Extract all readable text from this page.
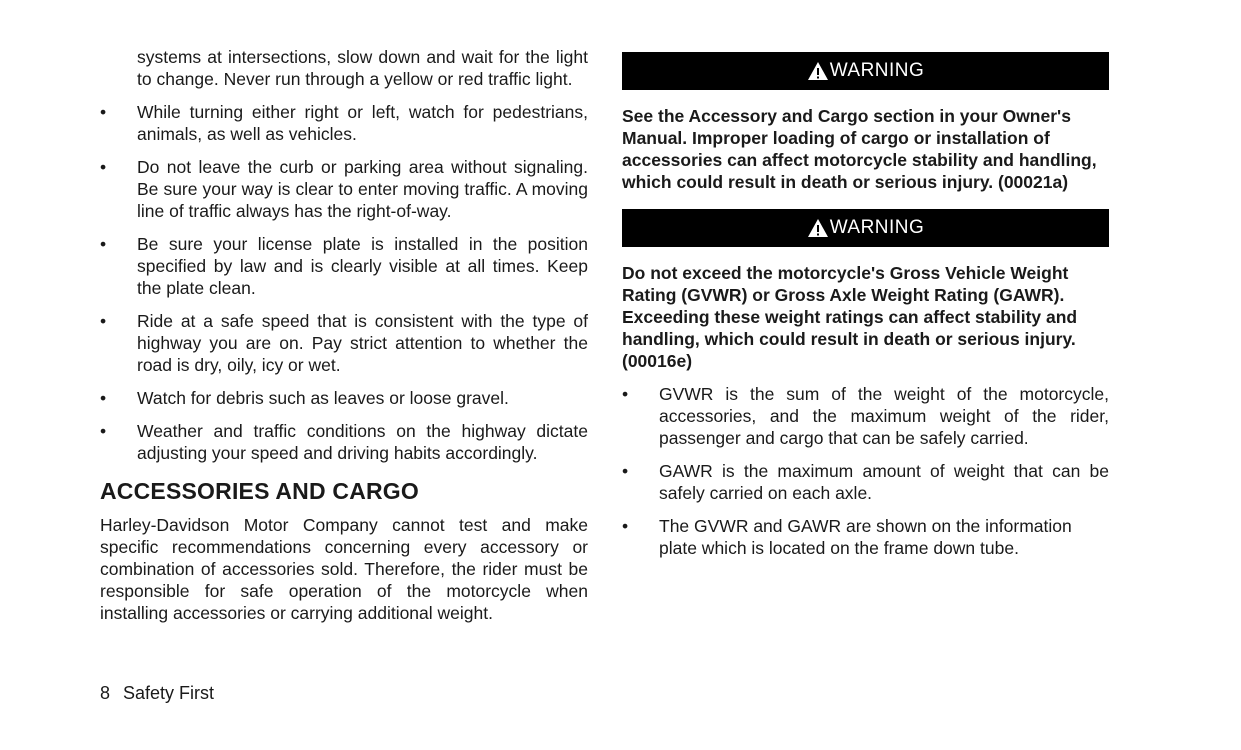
systems at intersections, slow down and wait for the light to change. Never run through a yellow or red traffic light.

• While turning either right or left, watch for pedestrians, animals, as well as vehicles.
• Do not leave the curb or parking area without signaling. Be sure your way is clear to enter moving traffic. A moving line of traffic always has the right-of-way.
• Be sure your license plate is installed in the position specified by law and is clearly visible at all times. Keep the plate clean.
• Ride at a safe speed that is consistent with the type of highway you are on. Pay strict attention to whether the road is dry, oily, icy or wet.
• Watch for debris such as leaves or loose gravel.
• Weather and traffic conditions on the highway dictate adjusting your speed and driving habits accordingly.
ACCESSORIES AND CARGO

Harley-Davidson Motor Company cannot test and make specific recommendations concerning every accessory or combination of accessories sold. Therefore, the rider must be responsible for safe operation of the motorcycle when installing accessories or carrying additional weight.

WARNING

See the Accessory and Cargo section in your Owner's Manual. Improper loading of cargo or installation of accessories can affect motorcycle stability and handling, which could result in death or serious injury. (00021a)

WARNING

Do not exceed the motorcycle's Gross Vehicle Weight Rating (GVWR) or Gross Axle Weight Rating (GAWR). Exceeding these weight ratings can affect stability and handling, which could result in death or serious injury. (00016e)

• GVWR is the sum of the weight of the motorcycle, accessories, and the maximum weight of the rider, passenger and cargo that can be safely carried.
• GAWR is the maximum amount of weight that can be safely carried on each axle.
• The GVWR and GAWR are shown on the information plate which is located on the frame down tube.
8 Safety First
